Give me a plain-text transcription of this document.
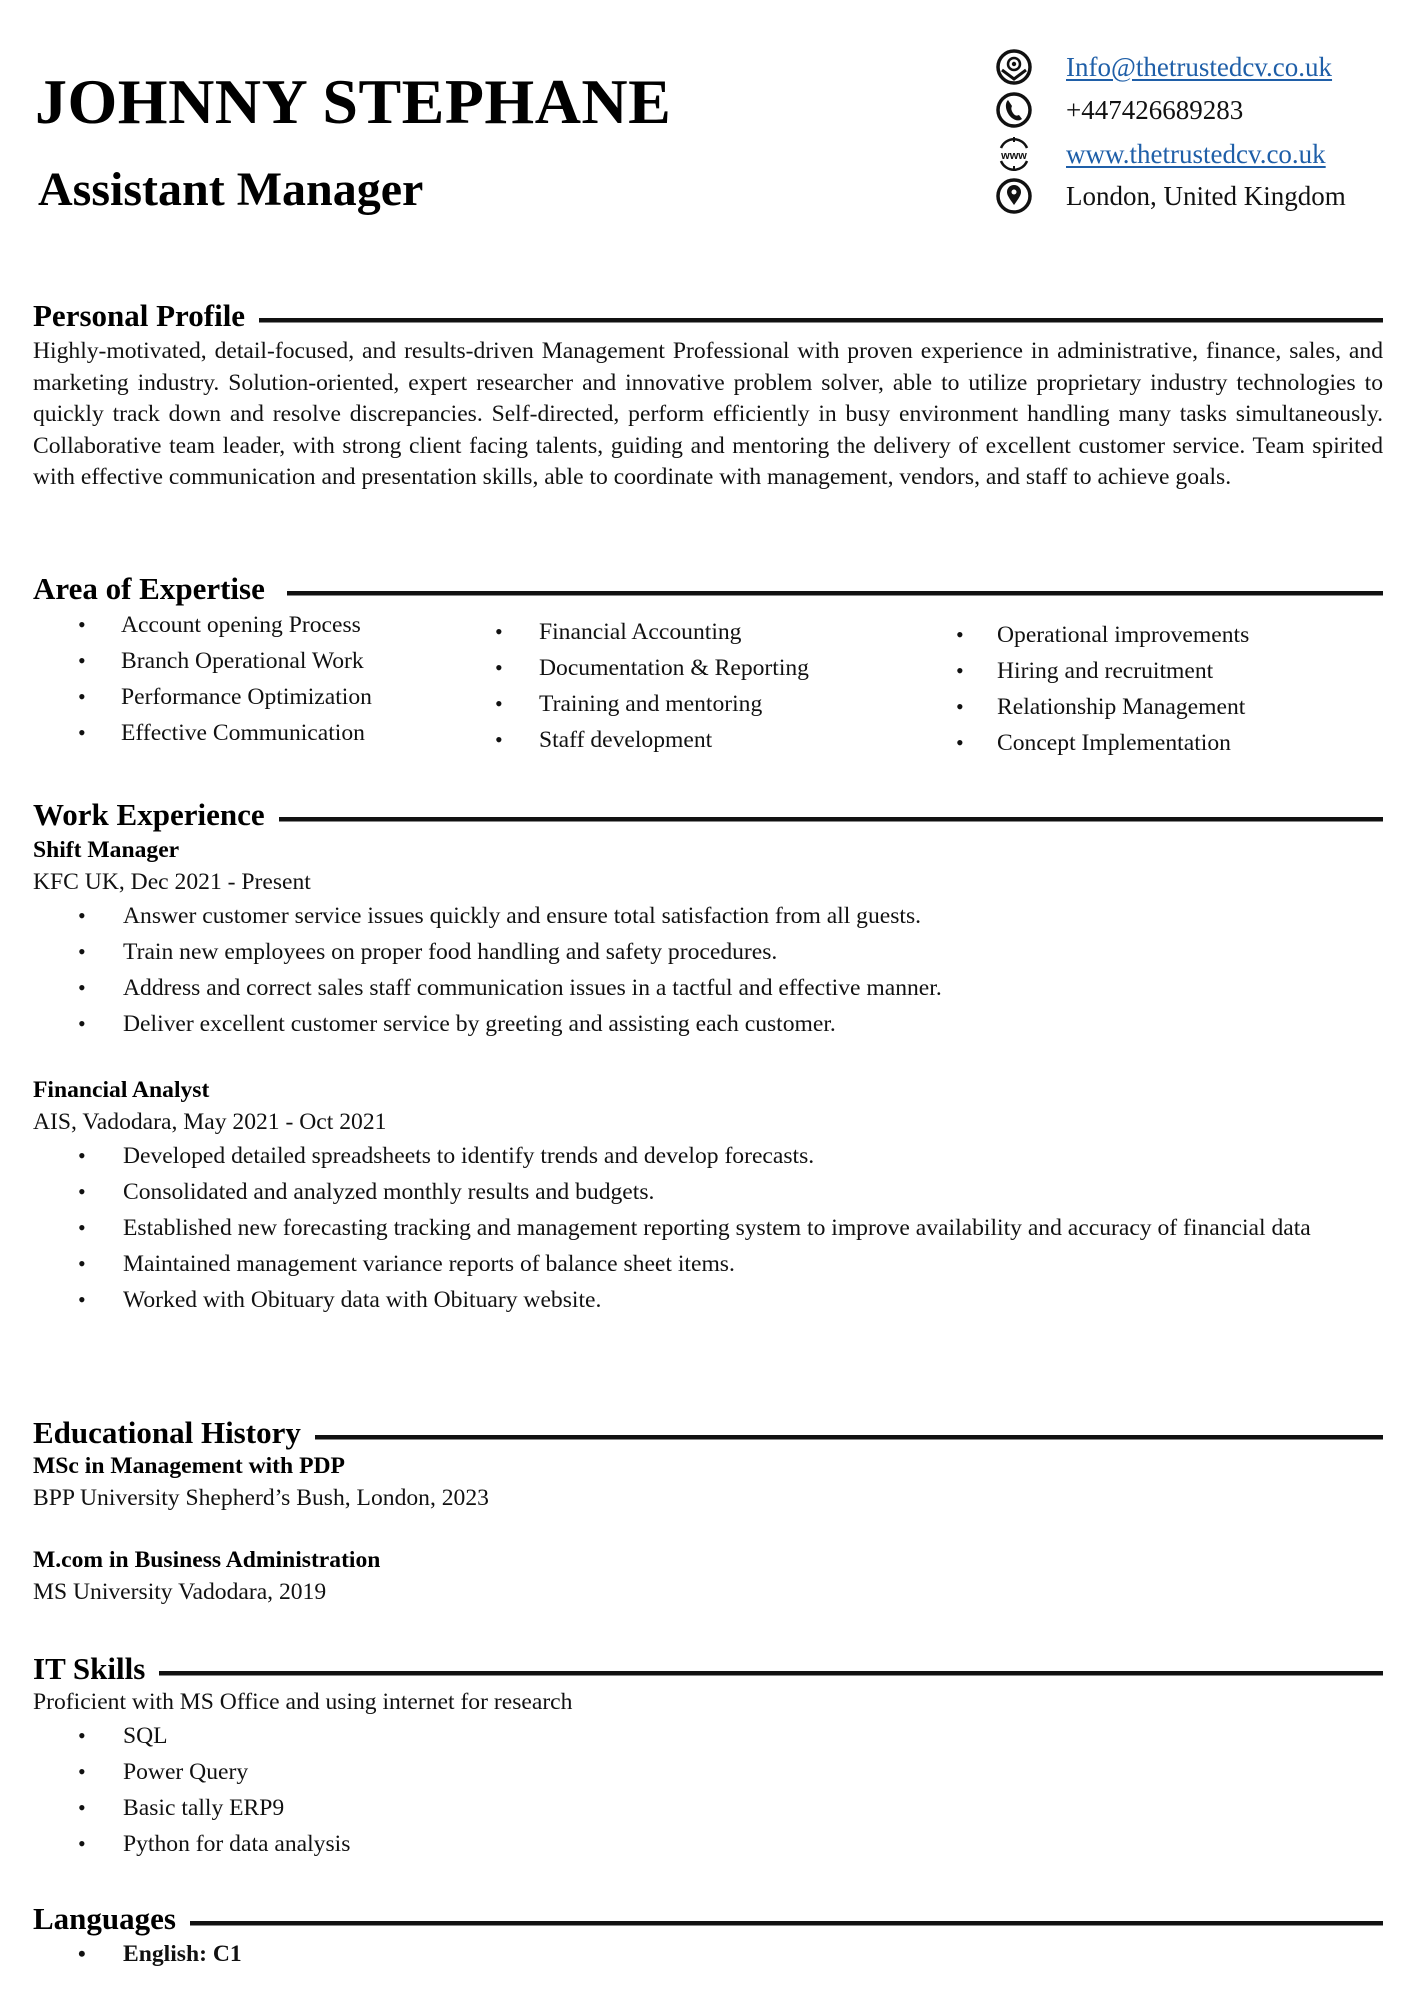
JOHNNY STEPHANE
Assistant Manager
Info@thetrustedcv.co.uk
+447426689283
www www.thetrustedcv.co.uk
London, United Kingdom
Personal Profile

Highly-motivated, detail-focused, and results-driven Management Professional with proven experience in administrative, finance, sales, and marketing industry. Solution-oriented, expert researcher and innovative problem solver, able to utilize proprietary industry technologies to quickly track down and resolve discrepancies. Self-directed, perform efficiently in busy environment handling many tasks simultaneously. Collaborative team leader, with strong client facing talents, guiding and mentoring the delivery of excellent customer service. Team spirited with effective communication and presentation skills, able to coordinate with management, vendors, and staff to achieve goals.

Area of Expertise
• Account opening Process
• Branch Operational Work
• Performance Optimization
• Effective Communication
• Financial Accounting
• Documentation & Reporting
• Training and mentoring
• Staff development
• Operational improvements
• Hiring and recruitment
• Relationship Management
• Concept Implementation
Work Experience
Shift Manager
KFC UK, Dec 2021 - Present
• Answer customer service issues quickly and ensure total satisfaction from all guests.
• Train new employees on proper food handling and safety procedures.
• Address and correct sales staff communication issues in a tactful and effective manner.
• Deliver excellent customer service by greeting and assisting each customer.
Financial Analyst
AIS, Vadodara, May 2021 - Oct 2021
• Developed detailed spreadsheets to identify trends and develop forecasts.
• Consolidated and analyzed monthly results and budgets.
• Established new forecasting tracking and management reporting system to improve availability and accuracy of financial data
• Maintained management variance reports of balance sheet items.
• Worked with Obituary data with Obituary website.
Educational History
MSc in Management with PDP
BPP University Shepherd’s Bush, London, 2023
M.com in Business Administration
MS University Vadodara, 2019
IT Skills
Proficient with MS Office and using internet for research
• SQL
• Power Query
• Basic tally ERP9
• Python for data analysis
Languages
• English: C1
